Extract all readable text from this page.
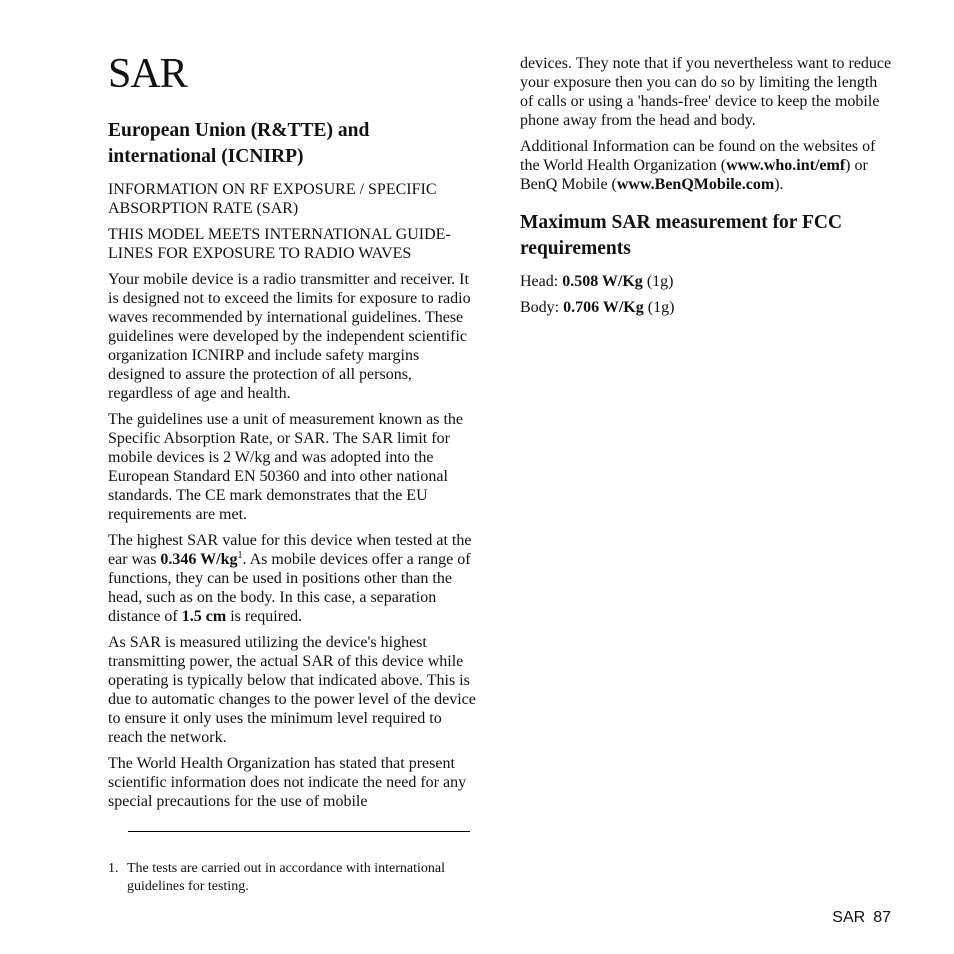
SAR
European Union (R&TTE) and international (ICNIRP)

INFORMATION ON RF EXPOSURE / SPECIFIC ABSORPTION RATE (SAR)

THIS MODEL MEETS INTERNATIONAL GUIDE-LINES FOR EXPOSURE TO RADIO WAVES

Your mobile device is a radio transmitter and receiver. It is designed not to exceed the limits for exposure to radio waves recommended by international guidelines. These guidelines were developed by the independent scientific organization ICNIRP and include safety margins designed to assure the protection of all persons, regardless of age and health.

The guidelines use a unit of measurement known as the Specific Absorption Rate, or SAR. The SAR limit for mobile devices is 2 W/kg and was adopted into the European Standard EN 50360 and into other national standards. The CE mark demonstrates that the EU requirements are met.

The highest SAR value for this device when tested at the ear was 0.346 $W/kg^1$. As mobile devices offer a range of functions, they can be used in positions other than the head, such as on the body. In this case, a separation distance of 1.5 cm is required.

As SAR is measured utilizing the device's highest transmitting power, the actual SAR of this device while operating is typically below that indicated above. This is due to automatic changes to the power level of the device to ensure it only uses the minimum level required to reach the network.

The World Health Organization has stated that present scientific information does not indicate the need for any special precautions for the use of mobile

devices. They note that if you nevertheless want to reduce your exposure then you can do so by limiting the length of calls or using a 'hands-free' device to keep the mobile phone away from the head and body.

Additional Information can be found on the websites of the World Health Organization (www.who.int/emf) or BenQ Mobile (www.BenQMobile.com).

Maximum SAR measurement for FCC requirements

Head: 0.508 W/Kg (1g)

Body: 0.706 W/Kg (1g)

1. The tests are carried out in accordance with international guidelines for testing.
SAR 87
